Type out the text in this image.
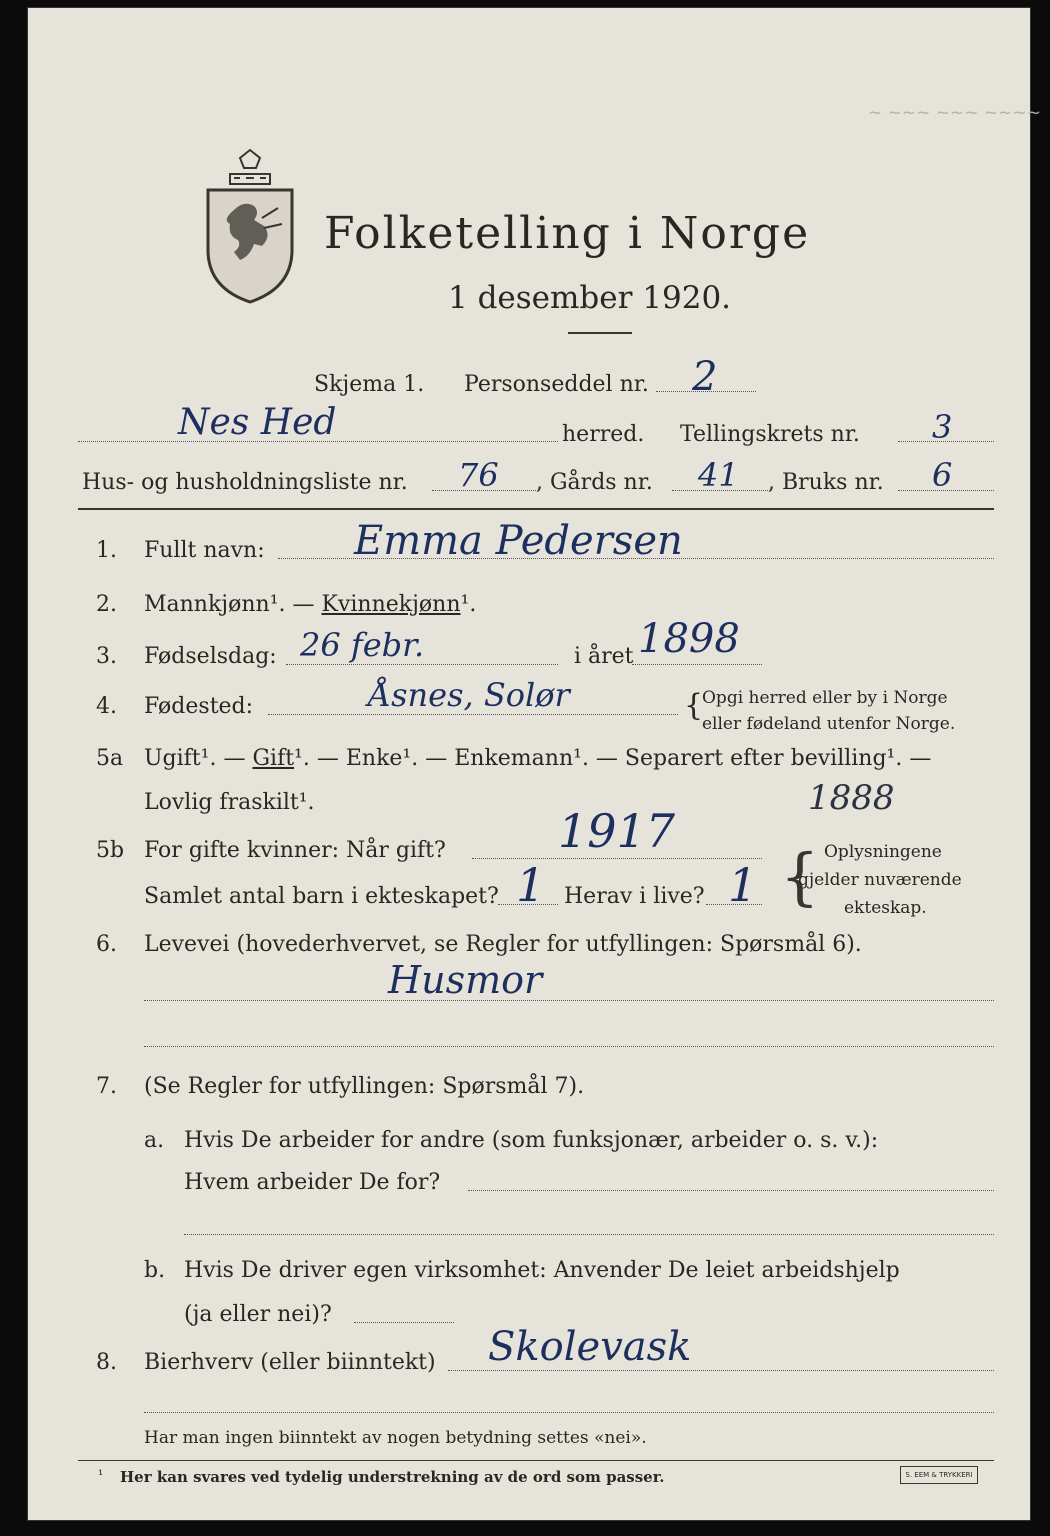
~ ~~~ ~~~ ~~~~
Folketelling i Norge
1 desember 1920.
Skjema 1. Personseddel nr. 2
Nes Hed	herred. Tellingskrets nr. 3
Hus- og husholdningsliste nr. 76 , Gårds nr. 41 , Bruks nr. 6
1.	Fullt navn: Emma Pedersen
2.	Mannkjønn¹. — Kvinnekjønn¹.
3.	Fødselsdag: 26 febr.	i året 1898
4.	Fødested:	Åsnes, Solør	{
Opgi herred eller by i Norge
eller fødeland utenfor Norge.
5a Ugift¹. — Gift¹. — Enke¹. — Enkemann¹. — Separert efter bevilling¹. —
Lovlig fraskilt¹.
5b For gifte kvinner: Når gift? 1917
1888
Samlet antal barn i ekteskapet? 1 Herav i live? 1 { Oplysningene
gjelder nuværende
ekteskap.
6.	Levevei (hovederhvervet, se Regler for utfyllingen: Spørsmål 6).
Husmor
7.	(Se Regler for utfyllingen: Spørsmål 7).
a. Hvis De arbeider for andre (som funksjonær, arbeider o. s. v.):
Hvem arbeider De for?
b. Hvis De driver egen virksomhet: Anvender De leiet arbeidshjelp
(ja eller nei)?
8.	Bierhverv (eller biinntekt) Skolevask
Har man ingen biinntekt av nogen betydning settes «nei».
¹ Her kan svares ved tydelig understrekning av de ord som passer.	S. EEM & TRYKKERI
